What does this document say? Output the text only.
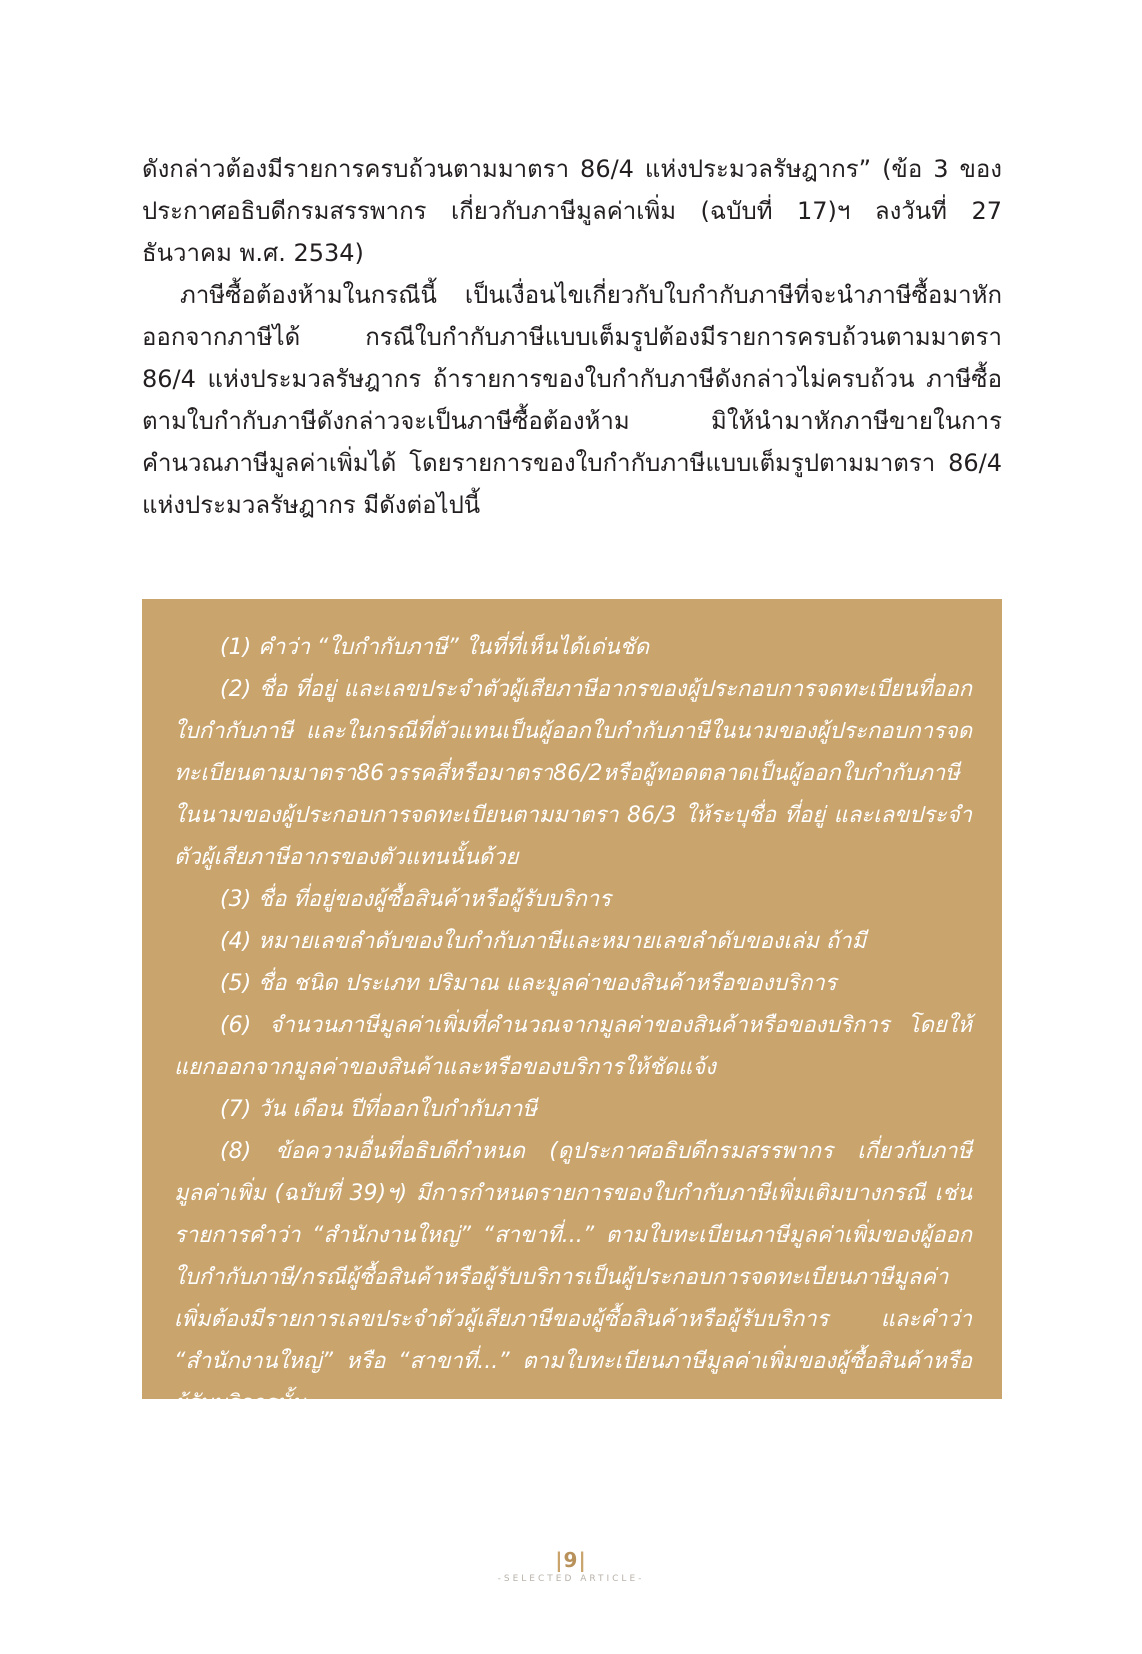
ดังกล่าวต้องมีรายการครบถ้วนตามมาตรา 86/4 แห่งประมวลรัษฎากร” (ข้อ 3 ของประกาศอธิบดีกรมสรรพากร เกี่ยวกับภาษีมูลค่าเพิ่ม (ฉบับที่ 17)ฯ ลงวันที่ 27 ธันวาคม พ.ศ. 2534)

ภาษีซื้อต้องห้ามในกรณีนี้ เป็นเงื่อนไขเกี่ยวกับใบกำกับภาษีที่จะนำภาษีซื้อมาหักออกจากภาษีได้ กรณีใบกำกับภาษีแบบเต็มรูปต้องมีรายการครบถ้วนตามมาตรา 86/4 แห่งประมวลรัษฎากร ถ้ารายการของใบกำกับภาษีดังกล่าวไม่ครบถ้วน ภาษีซื้อตามใบกำกับภาษีดังกล่าวจะเป็นภาษีซื้อต้องห้าม มิให้นำมาหักภาษีขายในการคำนวณภาษีมูลค่าเพิ่มได้ โดยรายการของใบกำกับภาษีแบบเต็มรูปตามมาตรา 86/4 แห่งประมวลรัษฎากร มีดังต่อไปนี้

(1) คำว่า “ใบกำกับภาษี” ในที่ที่เห็นได้เด่นชัด

(2) ชื่อ ที่อยู่ และเลขประจำตัวผู้เสียภาษีอากรของผู้ประกอบการจดทะเบียนที่ออกใบกำกับภาษี และในกรณีที่ตัวแทนเป็นผู้ออกใบกำกับภาษีในนามของผู้ประกอบการจดทะเบียนตามมาตรา86วรรคสี่หรือมาตรา86/2หรือผู้ทอดตลาดเป็นผู้ออกใบกำกับภาษีในนามของผู้ประกอบการจดทะเบียนตามมาตรา 86/3 ให้ระบุชื่อ ที่อยู่ และเลขประจำตัวผู้เสียภาษีอากรของตัวแทนนั้นด้วย

(3) ชื่อ ที่อยู่ของผู้ซื้อสินค้าหรือผู้รับบริการ

(4) หมายเลขลำดับของใบกำกับภาษีและหมายเลขลำดับของเล่ม ถ้ามี

(5) ชื่อ ชนิด ประเภท ปริมาณ และมูลค่าของสินค้าหรือของบริการ

(6) จำนวนภาษีมูลค่าเพิ่มที่คำนวณจากมูลค่าของสินค้าหรือของบริการ โดยให้แยกออกจากมูลค่าของสินค้าและหรือของบริการให้ชัดแจ้ง

(7) วัน เดือน ปีที่ออกใบกำกับภาษี

(8) ข้อความอื่นที่อธิบดีกำหนด (ดูประกาศอธิบดีกรมสรรพากร เกี่ยวกับภาษีมูลค่าเพิ่ม (ฉบับที่ 39)ฯ) มีการกำหนดรายการของใบกำกับภาษีเพิ่มเติมบางกรณี เช่น รายการคำว่า “สำนักงานใหญ่” “สาขาที่...” ตามใบทะเบียนภาษีมูลค่าเพิ่มของผู้ออกใบกำกับภาษี/กรณีผู้ซื้อสินค้าหรือผู้รับบริการเป็นผู้ประกอบการจดทะเบียนภาษีมูลค่าเพิ่มต้องมีรายการเลขประจำตัวผู้เสียภาษีของผู้ซื้อสินค้าหรือผู้รับบริการ และคำว่า “สำนักงานใหญ่” หรือ “สาขาที่...” ตามใบทะเบียนภาษีมูลค่าเพิ่มของผู้ซื้อสินค้าหรือผู้รับบริการนั้น

|9|
-SELECTED ARTICLE-
